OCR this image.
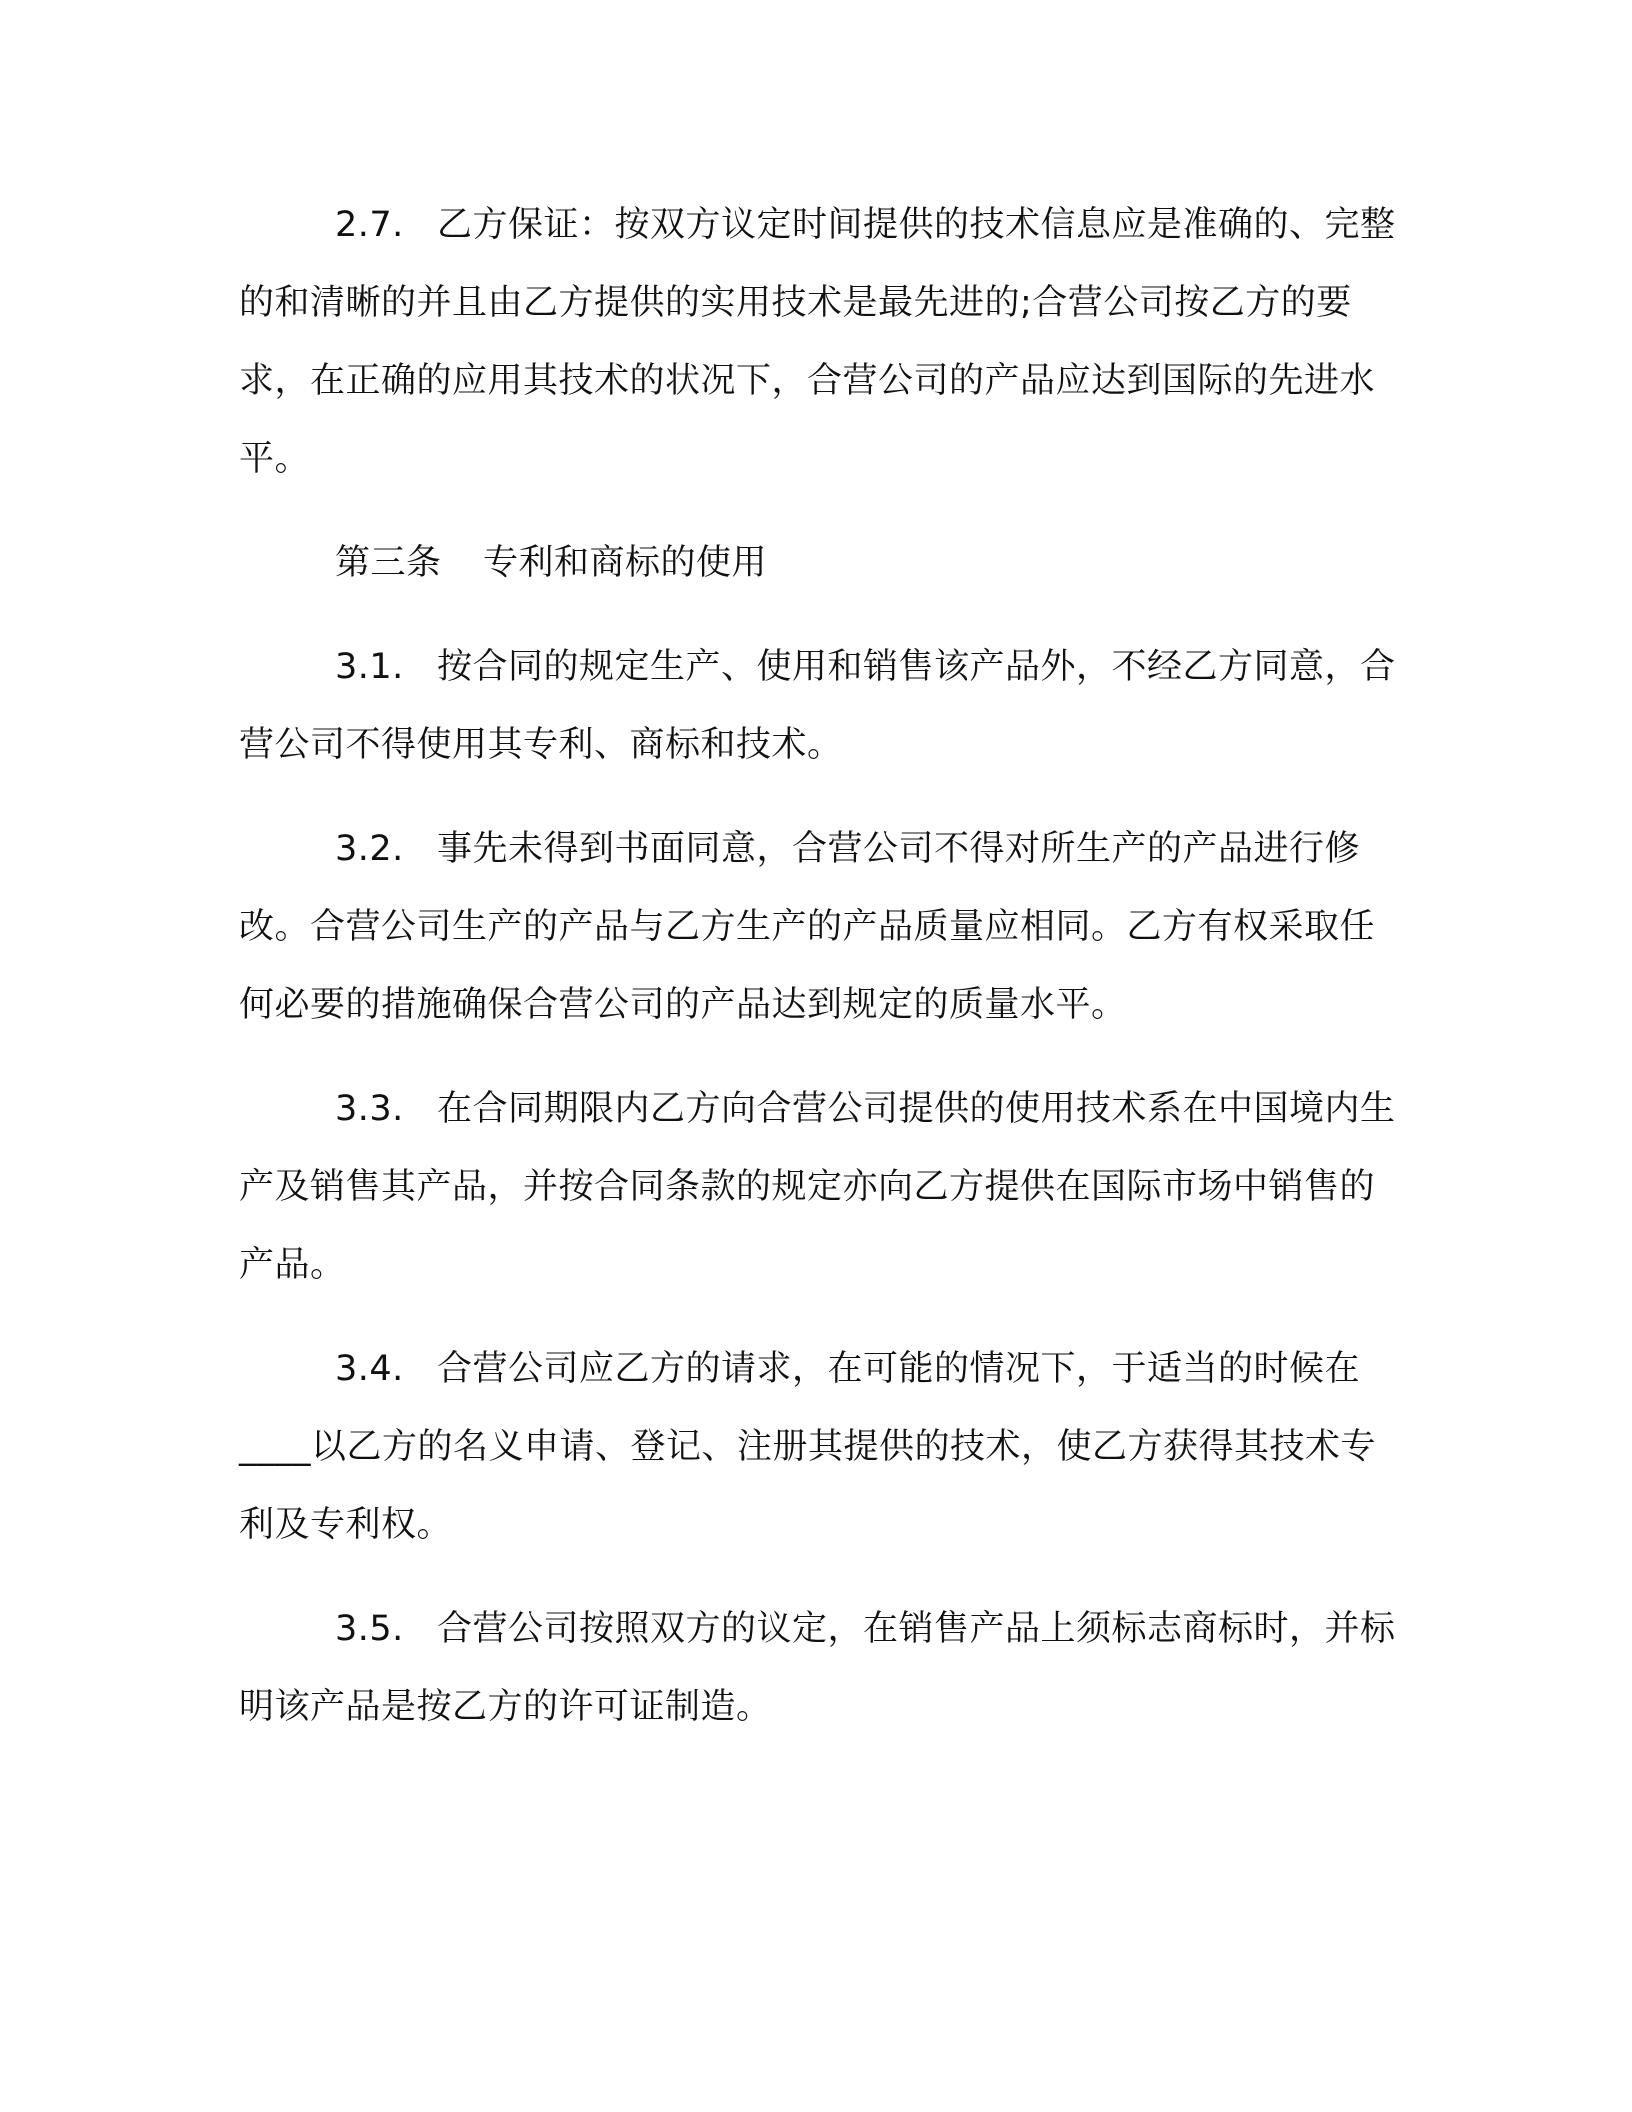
2.7. 乙方保证：按双方议定时间提供的技术信息应是准确的、完整的和清晰的并且由乙方提供的实用技术是最先进的;合营公司按乙方的要求，在正确的应用其技术的状况下，合营公司的产品应达到国际的先进水平。

第三条 专利和商标的使用

3.1. 按合同的规定生产、使用和销售该产品外，不经乙方同意，合营公司不得使用其专利、商标和技术。

3.2. 事先未得到书面同意，合营公司不得对所生产的产品进行修改。合营公司生产的产品与乙方生产的产品质量应相同。乙方有权采取任何必要的措施确保合营公司的产品达到规定的质量水平。

3.3. 在合同期限内乙方向合营公司提供的使用技术系在中国境内生产及销售其产品，并按合同条款的规定亦向乙方提供在国际市场中销售的产品。

3.4. 合营公司应乙方的请求，在可能的情况下，于适当的时候在____以乙方的名义申请、登记、注册其提供的技术，使乙方获得其技术专利及专利权。

3.5. 合营公司按照双方的议定，在销售产品上须标志商标时，并标明该产品是按乙方的许可证制造。
